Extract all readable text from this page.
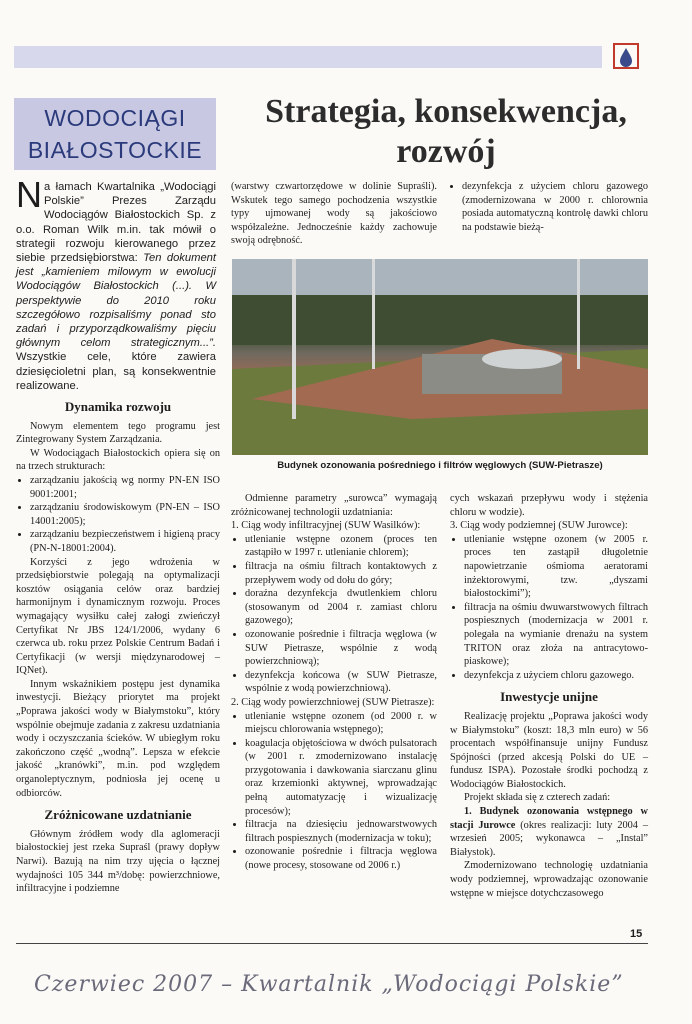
WODOCIĄGI
BIAŁOSTOCKIE
Strategia, konsekwencja,
rozwój
Na łamach Kwartalnika „Wodociągi Polskie” Prezes Zarządu Wodociągów Białostockich Sp. z o.o. Roman Wilk m.in. tak mówił o strategii rozwoju kierowanego przez siebie przedsiębiorstwa: Ten dokument jest „kamieniem milowym w ewolucji Wodociągów Białostockich (...). W perspektywie do 2010 roku szczegółowo rozpisaliśmy ponad sto zadań i przyporządkowaliśmy pięciu głównym celom strategicznym...”. Wszystkie cele, które zawiera dziesięcioletni plan, są konsekwentnie realizowane.
Dynamika rozwoju

Nowym elementem tego programu jest Zintegrowany System Zarządzania.

W Wodociągach Białostockich opiera się on na trzech strukturach:

• zarządzaniu jakością wg normy PN-EN ISO 9001:2001;
• zarządzaniu środowiskowym (PN-EN – ISO 14001:2005);
• zarządzaniu bezpieczeństwem i higieną pracy (PN-N-18001:2004).

Korzyści z jego wdrożenia w przedsiębiorstwie polegają na optymalizacji kosztów osiągania celów oraz bardziej harmonijnym i dynamicznym rozwoju. Proces wymagający wysiłku całej załogi zwieńczył Certyfikat Nr JBS 124/1/2006, wydany 6 czerwca ub. roku przez Polskie Centrum Badań i Certyfikacji (w wersji międzynarodowej – IQNet).

Innym wskaźnikiem postępu jest dynamika inwestycji. Bieżący priorytet ma projekt „Poprawa jakości wody w Białymstoku”, który wspólnie obejmuje zadania z zakresu uzdatniania wody i oczyszczania ścieków. W ubiegłym roku zakończono część „wodną”. Lepsza w efekcie jakość „kranówki”, m.in. pod względem organoleptycznym, podniosła jej ocenę u odbiorców.

Zróżnicowane uzdatnianie

Głównym źródłem wody dla aglomeracji białostockiej jest rzeka Supraśl (prawy dopływ Narwi). Bazują na nim trzy ujęcia o łącznej wydajności 105 344 m³/dobę: powierzchniowe, infiltracyjne i podziemne

(warstwy czwartorzędowe w dolinie Supraśli). Wskutek tego samego pochodzenia wszystkie typy ujmowanej wody są jakościowo współzależne. Jednocześnie każdy zachowuje swoją odrębność.

• dezynfekcja z użyciem chloru gazowego (zmodernizowana w 2000 r. chlorownia posiada automatyczną kontrolę dawki chloru na podstawie bieżą-
Budynek ozonowania pośredniego i filtrów węglowych (SUW-Pietrasze)

Odmienne parametry „surowca” wymagają zróżnicowanej technologii uzdatniania:

1. Ciąg wody infiltracyjnej (SUW Wasilków):

• utlenianie wstępne ozonem (proces ten zastąpiło w 1997 r. utlenianie chlorem);
• filtracja na ośmiu filtrach kontaktowych z przepływem wody od dołu do góry;
• doraźna dezynfekcja dwutlenkiem chloru (stosowanym od 2004 r. zamiast chloru gazowego);
• ozonowanie pośrednie i filtracja węglowa (w SUW Pietrasze, wspólnie z wodą powierzchniową);
• dezynfekcja końcowa (w SUW Pietrasze, wspólnie z wodą powierzchniową).

2. Ciąg wody powierzchniowej (SUW Pietrasze):

• utlenianie wstępne ozonem (od 2000 r. w miejscu chlorowania wstępnego);
• koagulacja objętościowa w dwóch pulsatorach (w 2001 r. zmodernizowano instalację przygotowania i dawkowania siarczanu glinu oraz krzemionki aktywnej, wprowadzając pełną automatyzację i wizualizację procesów);
• filtracja na dziesięciu jednowarstwowych filtrach pospiesznych (modernizacja w toku);
• ozonowanie pośrednie i filtracja węglowa (nowe procesy, stosowane od 2006 r.)

cych wskazań przepływu wody i stężenia chloru w wodzie).

3. Ciąg wody podziemnej (SUW Jurowce):

• utlenianie wstępne ozonem (w 2005 r. proces ten zastąpił długoletnie napowietrzanie ośmioma aeratorami inżektorowymi, tzw. „dyszami białostockimi”);
• filtracja na ośmiu dwuwarstwowych filtrach pospiesznych (modernizacja w 2001 r. polegała na wymianie drenażu na system TRITON oraz złoża na antracytowo-piaskowe);
• dezynfekcja z użyciem chloru gazowego.
Inwestycje unijne

Realizację projektu „Poprawa jakości wody w Białymstoku” (koszt: 18,3 mln euro) w 56 procentach współfinansuje unijny Fundusz Spójności (przed akcesją Polski do UE – fundusz ISPA). Pozostałe środki pochodzą z Wodociągów Białostockich.

Projekt składa się z czterech zadań:

1. Budynek ozonowania wstępnego w stacji Jurowce (okres realizacji: luty 2004 – wrzesień 2005; wykonawca – „Instal” Białystok).

Zmodernizowano technologię uzdatniania wody podziemnej, wprowadzając ozonowanie wstępne w miejsce dotychczasowego

15
Czerwiec 2007 – Kwartalnik „Wodociągi Polskie”
